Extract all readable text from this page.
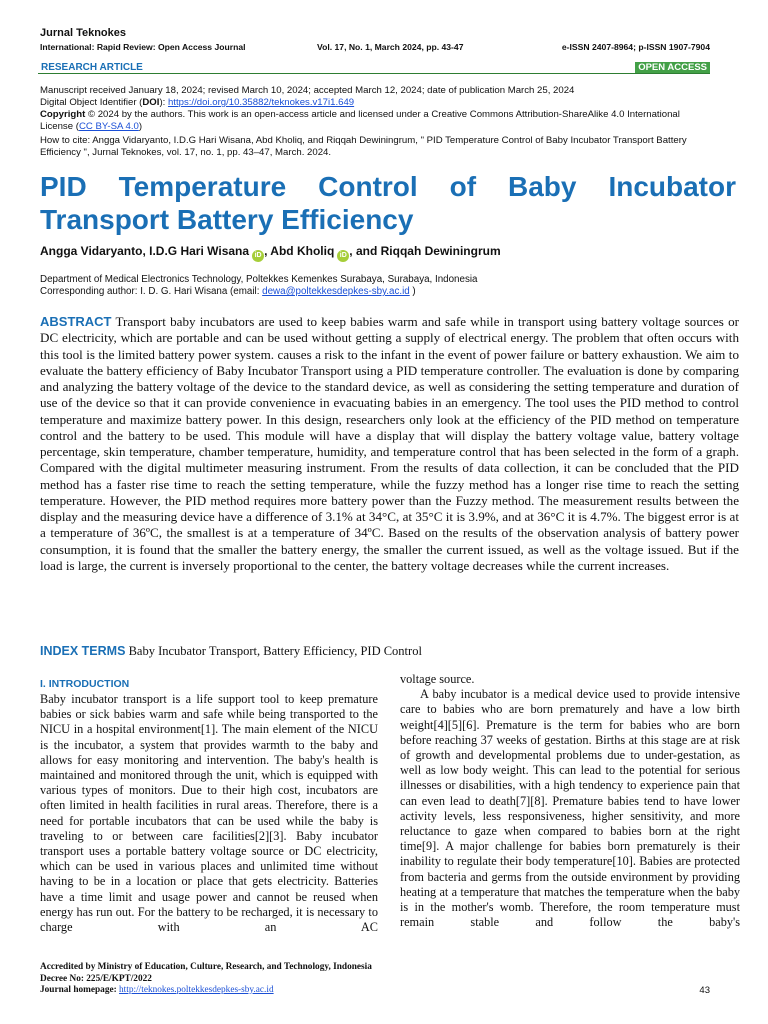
Jurnal Teknokes
International: Rapid Review: Open Access Journal	Vol. 17, No. 1, March 2024, pp. 43-47	e-ISSN 2407-8964; p-ISSN 1907-7904
RESEARCH ARTICLE	OPEN ACCESS
Manuscript received January 18, 2024; revised March 10, 2024; accepted March 12, 2024; date of publication March 25, 2024
Digital Object Identifier (DOI): https://doi.org/10.35882/teknokes.v17i1.649
Copyright © 2024 by the authors. This work is an open-access article and licensed under a Creative Commons Attribution-ShareAlike 4.0 International License (CC BY-SA 4.0)
How to cite: Angga Vidaryanto, I.D.G Hari Wisana, Abd Kholiq, and Riqqah Dewiningrum, " PID Temperature Control of Baby Incubator Transport Battery Efficiency ", Jurnal Teknokes, vol. 17, no. 1, pp. 43–47, March. 2024.
PID Temperature Control of Baby Incubator
Transport Battery Efficiency
Angga Vidaryanto, I.D.G Hari Wisana iD , Abd Kholiq iD , and Riqqah Dewiningrum
Department of Medical Electronics Technology, Poltekkes Kemenkes Surabaya, Surabaya, Indonesia
Corresponding author: I. D. G. Hari Wisana (email: dewa@poltekkesdepkes-sby.ac.id )
ABSTRACT Transport baby incubators are used to keep babies warm and safe while in transport using battery voltage sources or DC electricity, which are portable and can be used without getting a supply of electrical energy. The problem that often occurs with this tool is the limited battery power system. causes a risk to the infant in the event of power failure or battery exhaustion. We aim to evaluate the battery efficiency of Baby Incubator Transport using a PID temperature controller. The evaluation is done by comparing and analyzing the battery voltage of the device to the standard device, as well as considering the setting temperature and duration of use of the device so that it can provide convenience in evacuating babies in an emergency. The tool uses the PID method to control temperature and maximize battery power. In this design, researchers only look at the efficiency of the PID method on temperature control and the battery to be used. This module will have a display that will display the battery voltage value, battery voltage percentage, skin temperature, chamber temperature, humidity, and temperature control that has been selected in the form of a graph. Compared with the digital multimeter measuring instrument. From the results of data collection, it can be concluded that the PID method has a faster rise time to reach the setting temperature, while the fuzzy method has a longer rise time to reach the setting temperature. However, the PID method requires more battery power than the Fuzzy method. The measurement results between the display and the measuring device have a difference of 3.1% at 34°C, at 35°C it is 3.9%, and at 36°C it is 4.7%. The biggest error is at a temperature of 36ºC, the smallest is at a temperature of 34ºC. Based on the results of the observation analysis of battery power consumption, it is found that the smaller the battery energy, the smaller the current issued, as well as the voltage issued. But if the load is large, the current is inversely proportional to the center, the battery voltage decreases while the current increases.
INDEX TERMS Baby Incubator Transport, Battery Efficiency, PID Control
I. INTRODUCTION
Baby incubator transport is a life support tool to keep premature babies or sick babies warm and safe while being transported to the NICU in a hospital environment[1]. The main element of the NICU is the incubator, a system that provides warmth to the baby and allows for easy monitoring and intervention. The baby's health is maintained and monitored through the unit, which is equipped with various types of monitors. Due to their high cost, incubators are often limited in health facilities in rural areas. Therefore, there is a need for portable incubators that can be used while the baby is traveling to or between care facilities[2][3]. Baby incubator transport uses a portable battery voltage source or DC electricity, which can be used in various places and unlimited time without having to be in a location or place that gets electricity. Batteries have a time limit and usage power and cannot be reused when energy has run out. For the battery to be recharged, it is necessary to charge with an AC
voltage source.
A baby incubator is a medical device used to provide intensive care to babies who are born prematurely and have a low birth weight[4][5][6]. Premature is the term for babies who are born before reaching 37 weeks of gestation. Births at this stage are at risk of growth and developmental problems due to under-gestation, as well as low body weight. This can lead to the potential for serious illnesses or disabilities, with a high tendency to experience pain that can even lead to death[7][8]. Premature babies tend to have lower activity levels, less responsiveness, higher sensitivity, and more reluctance to gaze when compared to babies born at the right time[9]. A major challenge for babies born prematurely is their inability to regulate their body temperature[10]. Babies are protected from bacteria and germs from the outside environment by providing heating at a temperature that matches the temperature when the baby is in the mother's womb. Therefore, the room temperature must remain stable and follow the baby's
Accredited by Ministry of Education, Culture, Research, and Technology, Indonesia
Decree No: 225/E/KPT/2022
Journal homepage: http://teknokes.poltekkesdepkes-sby.ac.id	43
